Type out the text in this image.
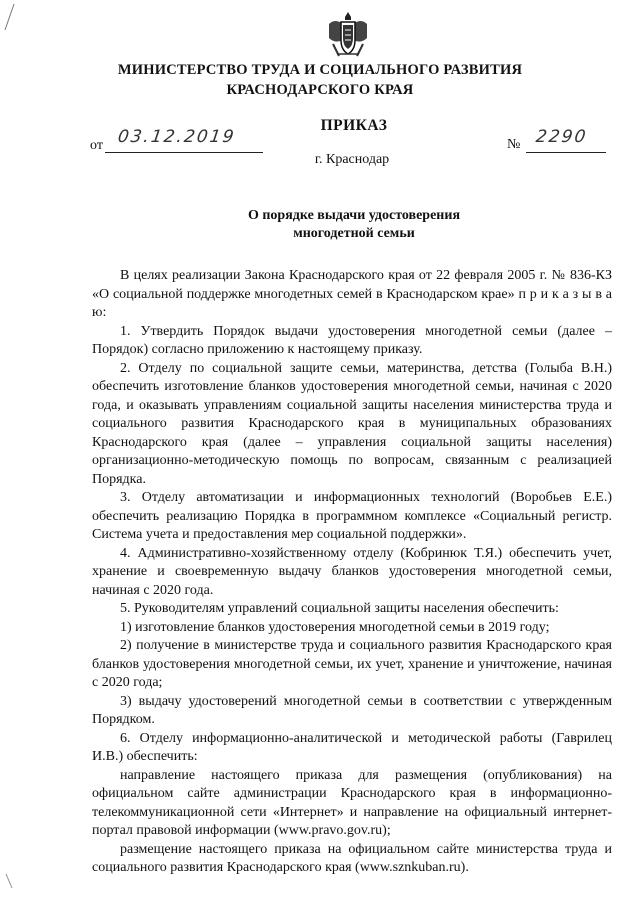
МИНИСТЕРСТВО ТРУДА И СОЦИАЛЬНОГО РАЗВИТИЯ
КРАСНОДАРСКОГО КРАЯ
ПРИКАЗ
от 03.12.2019	№ 2290
г. Краснодар
О порядке выдачи удостоверения
многодетной семьи

В целях реализации Закона Краснодарского края от 22 февраля 2005 г. № 836-КЗ «О социальной поддержке многодетных семей в Краснодарском крае» п р и к а з ы в а ю:

1. Утвердить Порядок выдачи удостоверения многодетной семьи (далее – Порядок) согласно приложению к настоящему приказу.

2. Отделу по социальной защите семьи, материнства, детства (Голыба В.Н.) обеспечить изготовление бланков удостоверения многодетной семьи, начиная с 2020 года, и оказывать управлениям социальной защиты населения министерства труда и социального развития Краснодарского края в муниципальных образованиях Краснодарского края (далее – управления социальной защиты населения) организационно-методическую помощь по вопросам, связанным с реализацией Порядка.

3. Отделу автоматизации и информационных технологий (Воробьев Е.Е.) обеспечить реализацию Порядка в программном комплексе «Социальный регистр. Система учета и предоставления мер социальной поддержки».

4. Административно-хозяйственному отделу (Кобринюк Т.Я.) обеспечить учет, хранение и своевременную выдачу бланков удостоверения многодетной семьи, начиная с 2020 года.

5. Руководителям управлений социальной защиты населения обеспечить:

1) изготовление бланков удостоверения многодетной семьи в 2019 году;

2) получение в министерстве труда и социального развития Краснодарского края бланков удостоверения многодетной семьи, их учет, хранение и уничтожение, начиная с 2020 года;

3) выдачу удостоверений многодетной семьи в соответствии с утвержденным Порядком.

6. Отделу информационно-аналитической и методической работы (Гаврилец И.В.) обеспечить:

направление настоящего приказа для размещения (опубликования) на официальном сайте администрации Краснодарского края в информационно-телекоммуникационной сети «Интернет» и направление на официальный интернет-портал правовой информации (www.pravo.gov.ru);

размещение настоящего приказа на официальном сайте министерства труда и социального развития Краснодарского края (www.sznkuban.ru).
